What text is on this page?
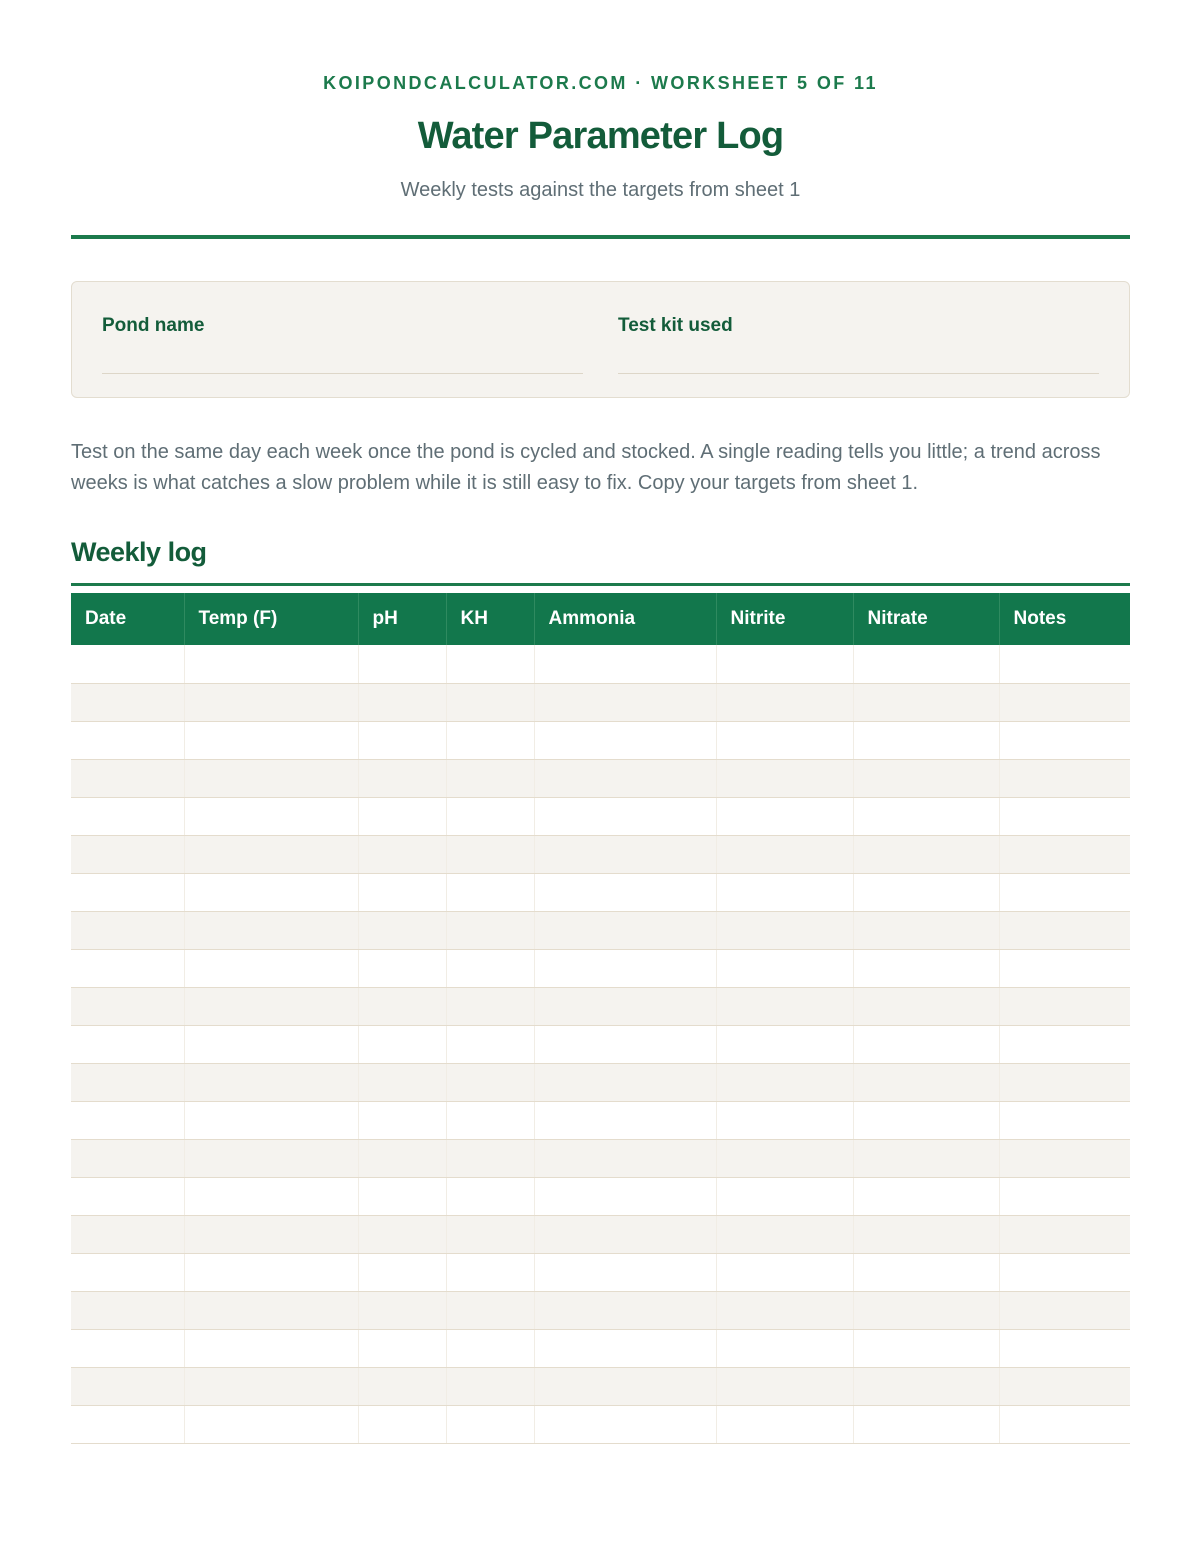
KOIPONDCALCULATOR.COM · WORKSHEET 5 OF 11
Water Parameter Log
Weekly tests against the targets from sheet 1
Pond name	Test kit used

Test on the same day each week once the pond is cycled and stocked. A single reading tells you little; a trend across weeks is what catches a slow problem while it is still easy to fix. Copy your targets from sheet 1.

Weekly log
Date	Temp (F)	pH	KH	Ammonia	Nitrite	Nitrate	Notes
